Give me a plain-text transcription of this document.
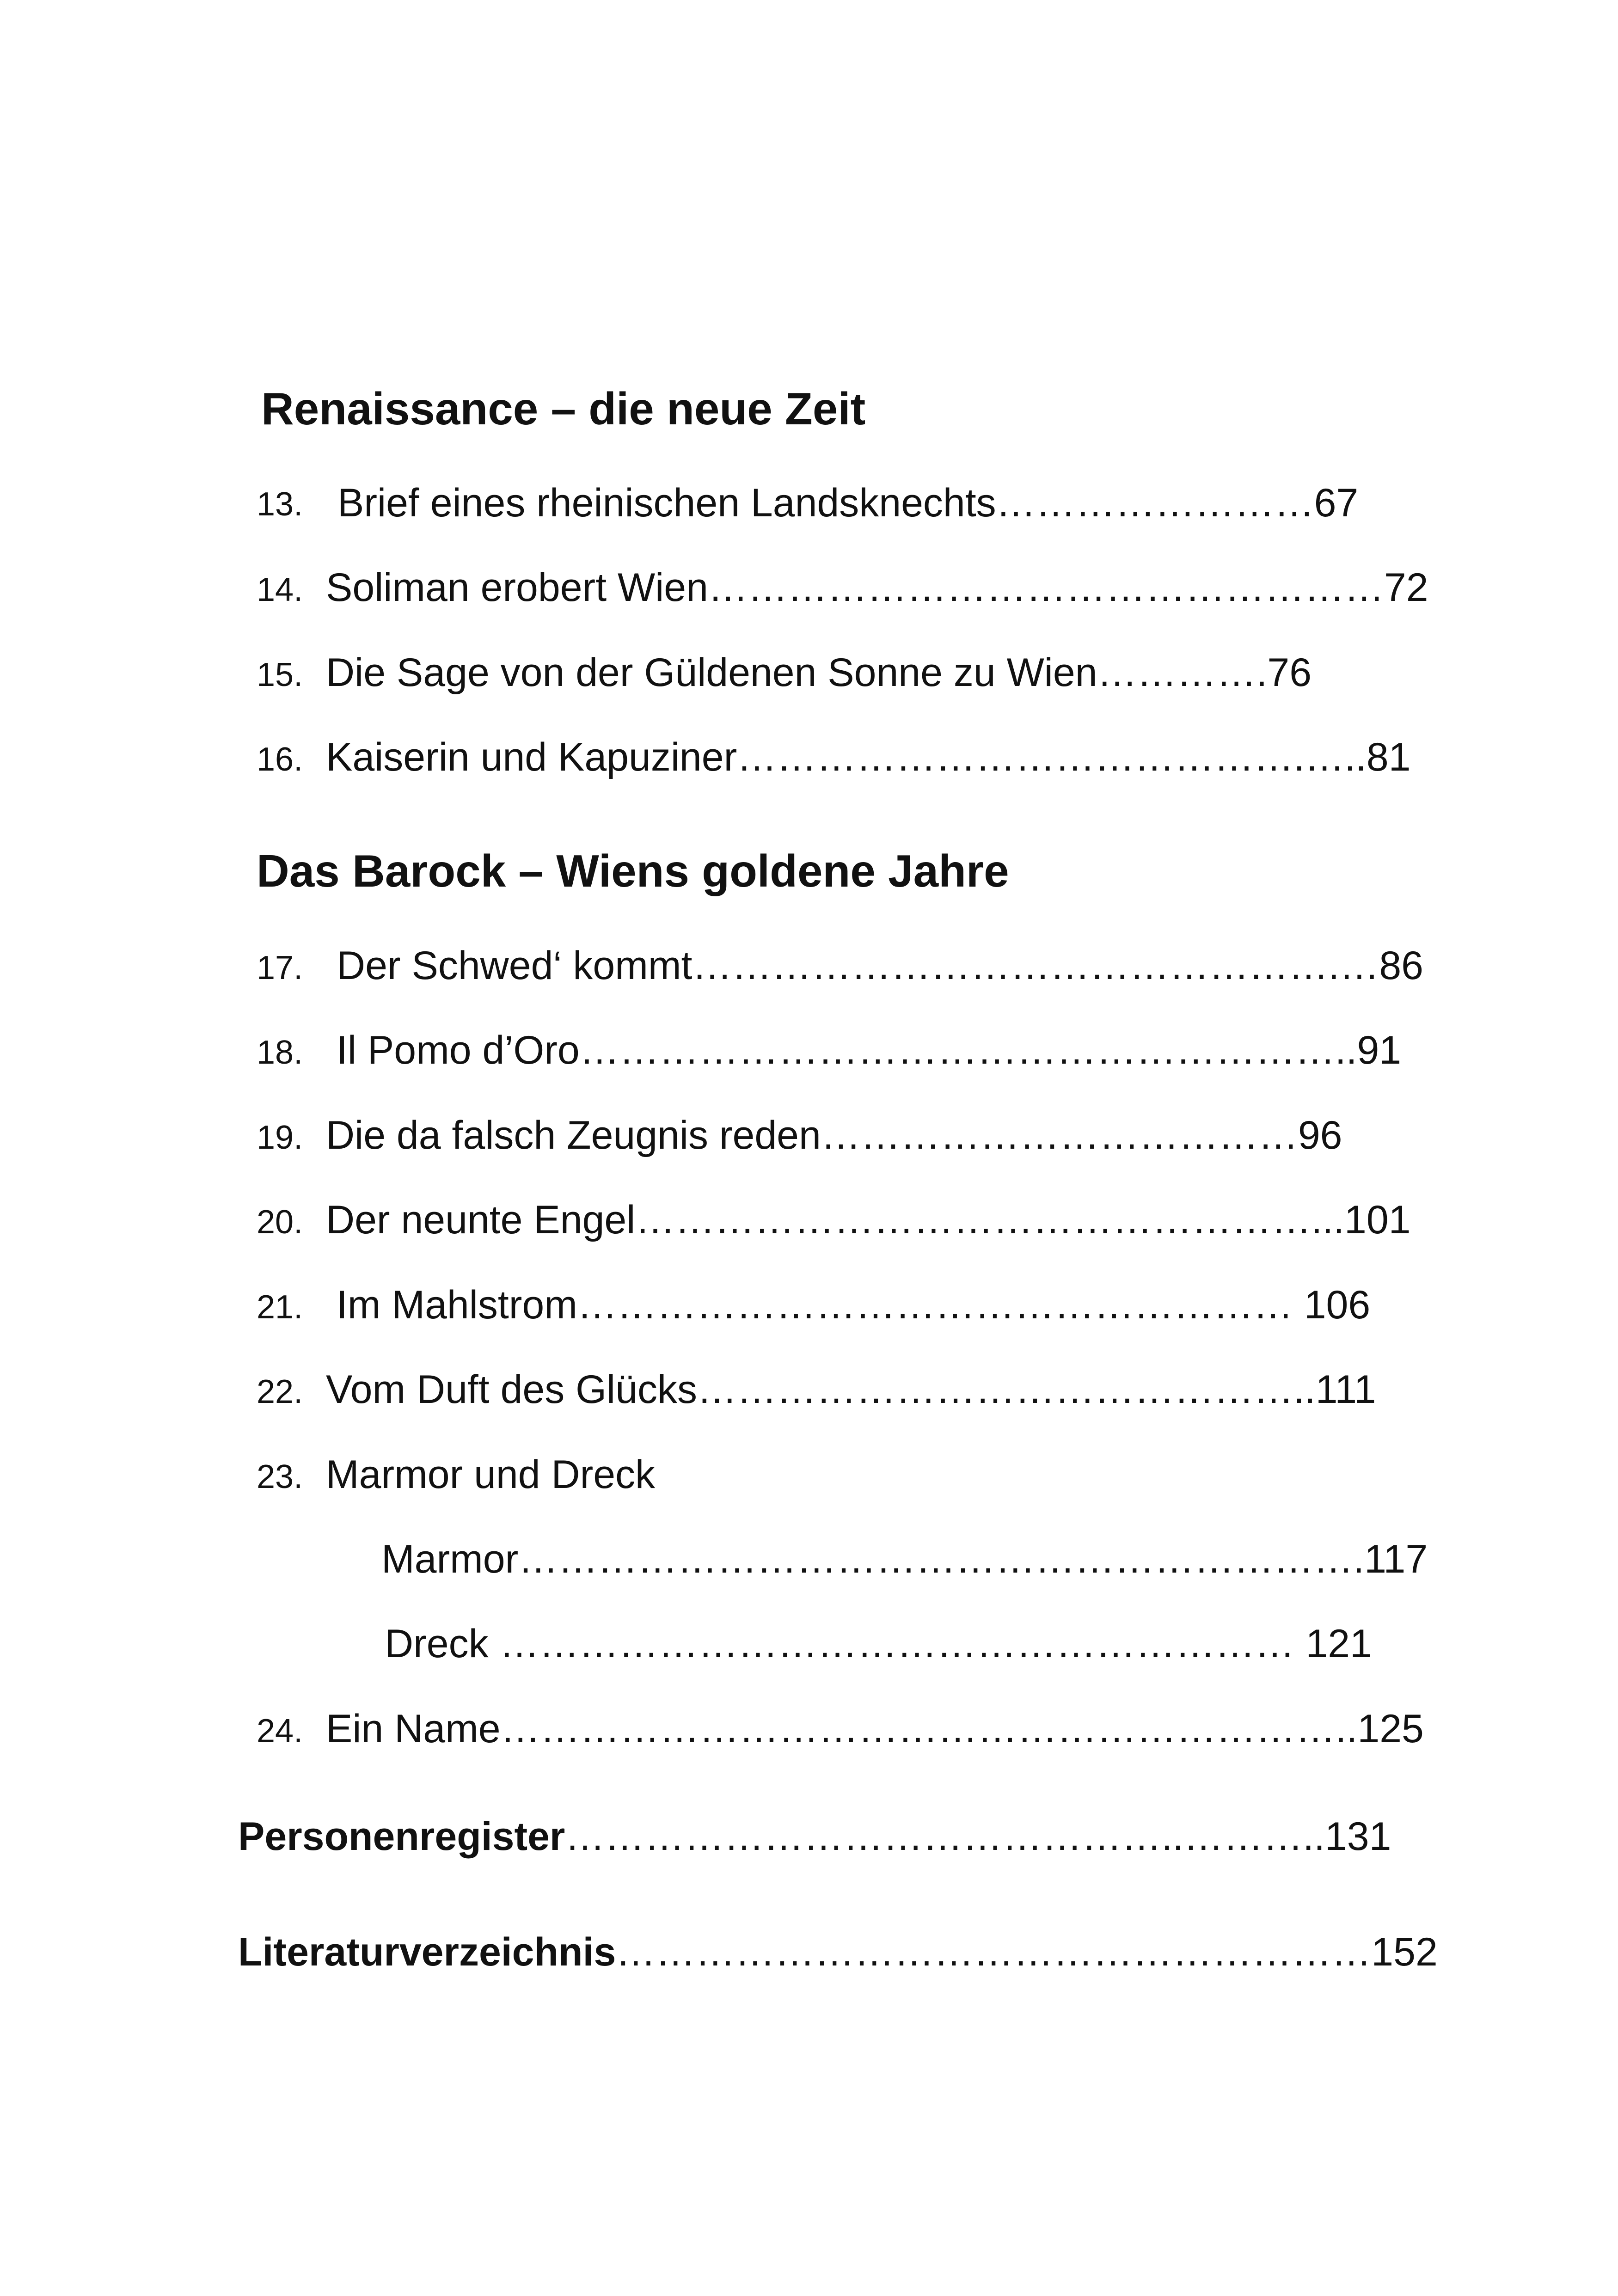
Renaissance – die neue Zeit
13. Brief eines rheinischen Landsknechts……………………67
14. Soliman erobert Wien……………………………………………72
15. Die Sage von der Güldenen Sonne zu Wien………….76
16. Kaiserin und Kapuziner…………………………………….…..81
Das Barock – Wiens goldene Jahre
17. Der Schwed‘ kommt………………………………………….…86
18. Il Pomo d’Oro…………………………………………………..91
19. Die da falsch Zeugnis reden………………………………96
20. Der neunte Engel……………………………………………...101
21. Im Mahlstrom……………………………………………… 106
22. Vom Duft des Glücks………………………………………..111
23. Marmor und Dreck
Marmor……………………………………………………….117
Dreck …………………………………………………… 121
24. Ein Name………………………………………………………..125
Personenregister………………………………………..………..131
Literaturverzeichnis…………………………………………………152
